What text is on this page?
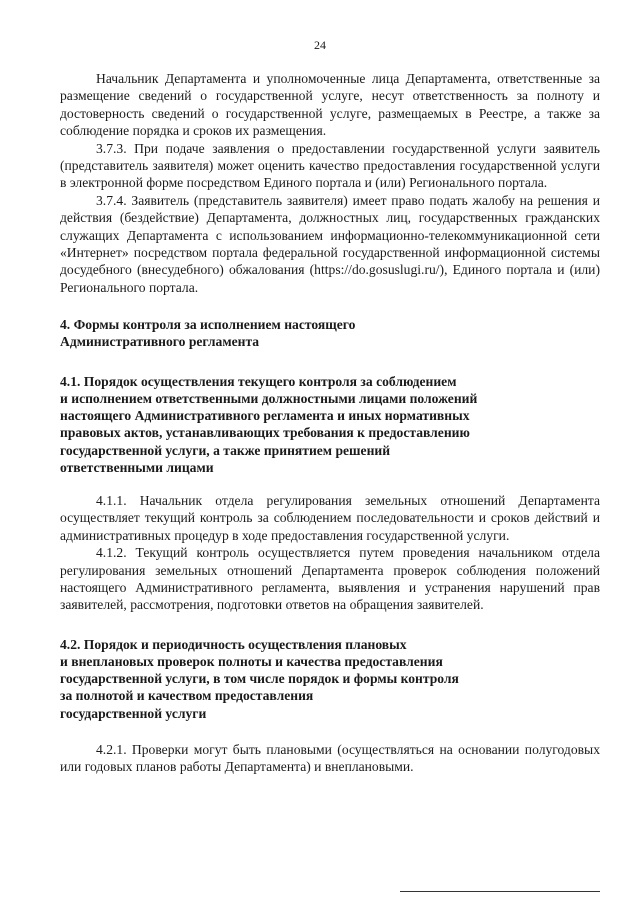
24

Начальник Департамента и уполномоченные лица Департамента, ответственные за размещение сведений о государственной услуге, несут ответственность за полноту и достоверность сведений о государственной услуге, размещаемых в Реестре, а также за соблюдение порядка и сроков их размещения.

3.7.3. При подаче заявления о предоставлении государственной услуги заявитель (представитель заявителя) может оценить качество предоставления государственной услуги в электронной форме посредством Единого портала и (или) Регионального портала.

3.7.4. Заявитель (представитель заявителя) имеет право подать жалобу на решения и действия (бездействие) Департамента, должностных лиц, государственных гражданских служащих Департамента с использованием информационно-телекоммуникационной сети «Интернет» посредством портала федеральной государственной информационной системы досудебного (внесудебного) обжалования (https://do.gosuslugi.ru/), Единого портала и (или) Регионального портала.

4. Формы контроля за исполнением настоящего
Административного регламента

4.1. Порядок осуществления текущего контроля за соблюдением
и исполнением ответственными должностными лицами положений
настоящего Административного регламента и иных нормативных
правовых актов, устанавливающих требования к предоставлению
государственной услуги, а также принятием решений
ответственными лицами

4.1.1. Начальник отдела регулирования земельных отношений Департамента осуществляет текущий контроль за соблюдением последовательности и сроков действий и административных процедур в ходе предоставления государственной услуги.

4.1.2. Текущий контроль осуществляется путем проведения начальником отдела регулирования земельных отношений Департамента проверок соблюдения положений настоящего Административного регламента, выявления и устранения нарушений прав заявителей, рассмотрения, подготовки ответов на обращения заявителей.

4.2. Порядок и периодичность осуществления плановых
и внеплановых проверок полноты и качества предоставления
государственной услуги, в том числе порядок и формы контроля
за полнотой и качеством предоставления
государственной услуги

4.2.1. Проверки могут быть плановыми (осуществляться на основании полугодовых или годовых планов работы Департамента) и внеплановыми.
